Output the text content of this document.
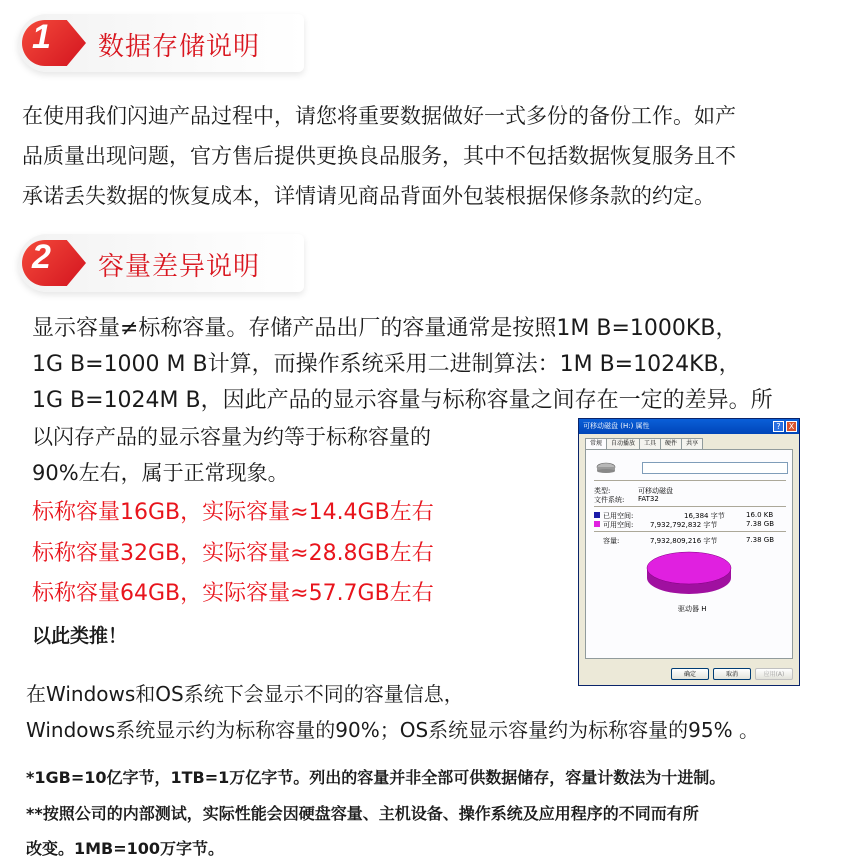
1 数据存储说明
在使用我们闪迪产品过程中，请您将重要数据做好一式多份的备份工作。如产
品质量出现问题，官方售后提供更换良品服务，其中不包括数据恢复服务且不
承诺丢失数据的恢复成本，详情请见商品背面外包装根据保修条款的约定。
2 容量差异说明
显示容量≠标称容量。存储产品出厂的容量通常是按照1M B=1000KB，
1G B=1000 M B计算，而操作系统采用二进制算法：1M B=1024KB，
1G B=1024M B，因此产品的显示容量与标称容量之间存在一定的差异。所
以闪存产品的显示容量为约等于标称容量的
90%左右，属于正常现象。
标称容量16GB，实际容量≈14.4GB左右
标称容量32GB，实际容量≈28.8GB左右
标称容量64GB，实际容量≈57.7GB左右
以此类推！
在Windows和OS系统下会显示不同的容量信息，
Windows系统显示约为标称容量的90%；OS系统显示容量约为标称容量的95% 。
*1GB=10亿字节，1TB=1万亿字节。列出的容量并非全部可供数据储存，容量计数法为十进制。
**按照公司的内部测试，实际性能会因硬盘容量、主机设备、操作系统及应用程序的不同而有所
改变。1MB=100万字节。
可移动磁盘 (H:) 属性	?	X
常规 自动播放 工具 硬件 共享
类型:	可移动磁盘
文件系统: FAT32
已用空间:	16,384 字节	16.0 KB
可用空间: 7,932,792,832 字节	7.38 GB
容量:	7,932,809,216 字节	7.38 GB
驱动器 H
确定	取消	应用(A)
